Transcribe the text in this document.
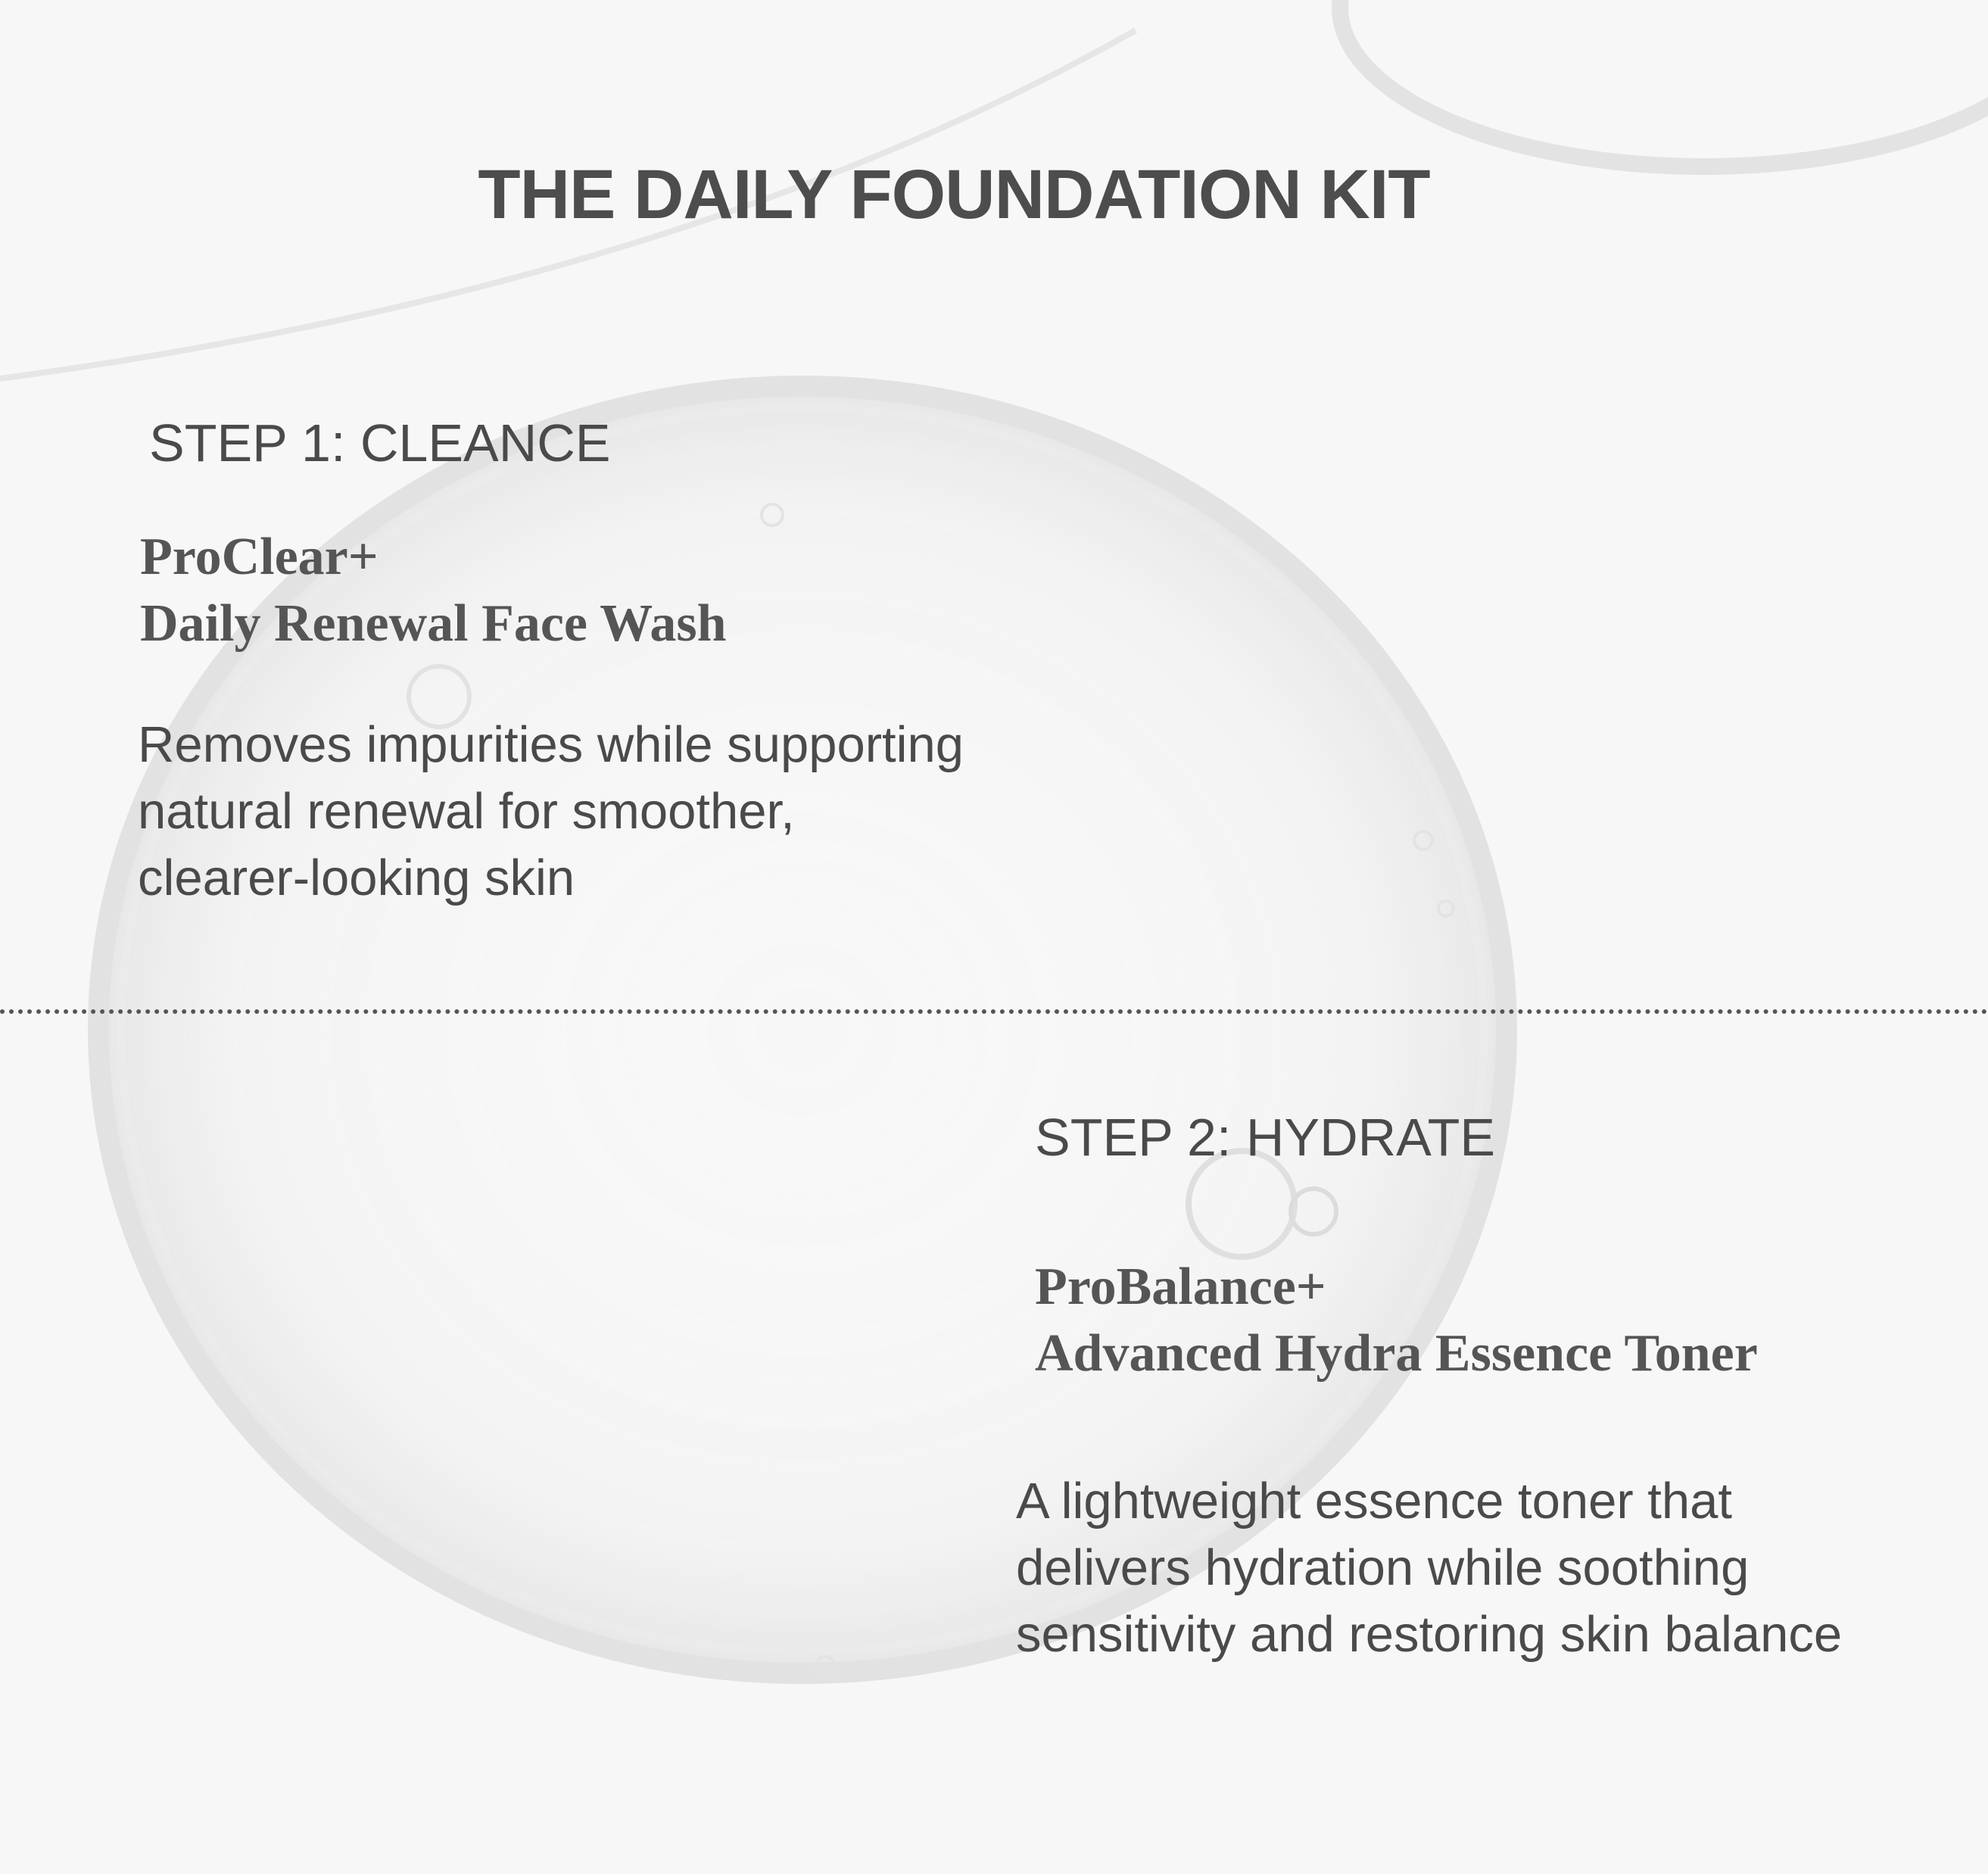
THE DAILY FOUNDATION KIT
STEP 1: CLEANCE
ProClear+
Daily Renewal Face Wash
Removes impurities while supporting natural renewal for smoother, clearer-looking skin
STEP 2: HYDRATE
ProBalance+
Advanced Hydra Essence Toner
A lightweight essence toner that delivers hydration while soothing sensitivity and restoring skin balance
